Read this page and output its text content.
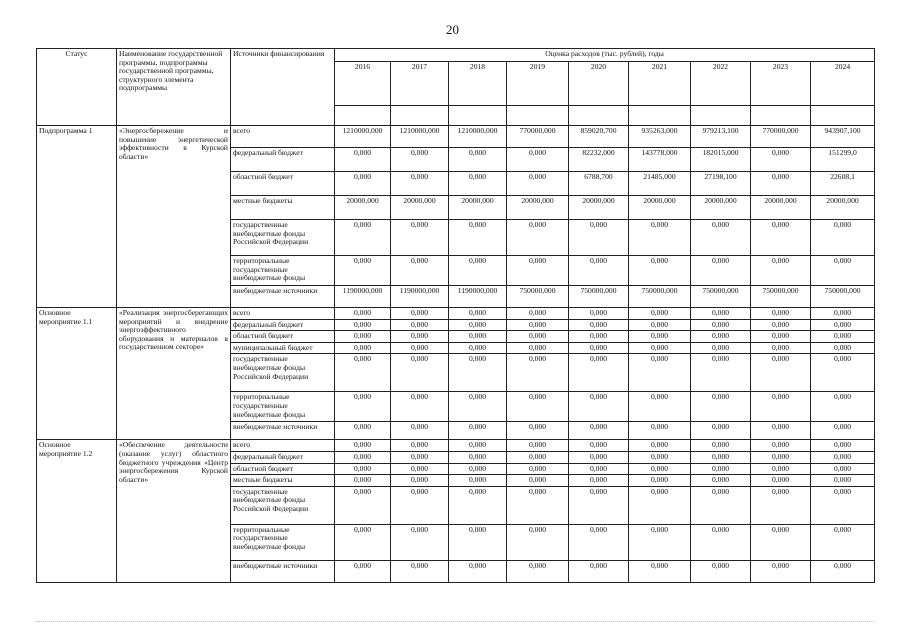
20
Статус	Наименование государственной программы, подпрограммы государственной программы, структурного элемента подпрограммы	Источники финансирования	Оценка расходов (тыс. рублей), годы								
			2016	2017	2018	2019	2020	2021	2022	2023	2024

Подпрограмма 1	«Энергосбережение и повышение энергетической эффективности в Курской области»	всего	1210000,000	1210000,000	1210000,000	770000,000	859020,700	935263,000	979213,100	770000,000	943907,100
		федеральный бюджет	0,000	0,000	0,000	0,000	82232,000	143778,000	182015,000	0,000	151299,0
		областной бюджет	0,000	0,000	0,000	0,000	6788,700	21485,000	27198,100	0,000	22608,1
		местные бюджеты	20000,000	20000,000	20000,000	20000,000	20000,000	20000,000	20000,000	20000,000	20000,000
		государственные внебюджетные фонды Российской Федерации	0,000	0,000	0,000	0,000	0,000	0,000	0,000	0,000	0,000
		территориальные государственные внебюджетные фонды	0,000	0,000	0,000	0,000	0,000	0,000	0,000	0,000	0,000
		внебюджетные источники	1190000,000	1190000,000	1190000,000	750000,000	750000,000	750000,000	750000,000	750000,000	750000,000
Основное мероприятие 1.1	«Реализация энергосберегающих мероприятий и внедрение энергоэффективного оборудования и материалов в государственном секторе»	всего	0,000	0,000	0,000	0,000	0,000	0,000	0,000	0,000	0,000
		федеральный бюджет	0,000	0,000	0,000	0,000	0,000	0,000	0,000	0,000	0,000
		областной бюджет	0,000	0,000	0,000	0,000	0,000	0,000	0,000	0,000	0,000
		муниципальный бюджет	0,000	0,000	0,000	0,000	0,000	0,000	0,000	0,000	0,000
		государственные внебюджетные фонды Российской Федерации	0,000	0,000	0,000	0,000	0,000	0,000	0,000	0,000	0,000
		территориальные государственные внебюджетные фонды	0,000	0,000	0,000	0,000	0,000	0,000	0,000	0,000	0,000
		внебюджетные источники	0,000	0,000	0,000	0,000	0,000	0,000	0,000	0,000	0,000
Основное мероприятие 1.2	«Обеспечение деятельности (оказание услуг) областного бюджетного учреждения «Центр энергосбережения Курской области»	всего	0,000	0,000	0,000	0,000	0,000	0,000	0,000	0,000	0,000
		федеральный бюджет	0,000	0,000	0,000	0,000	0,000	0,000	0,000	0,000	0,000
		областной бюджет	0,000	0,000	0,000	0,000	0,000	0,000	0,000	0,000	0,000
		местные бюджеты	0,000	0,000	0,000	0,000	0,000	0,000	0,000	0,000	0,000
		государственные внебюджетные фонды Российской Федерации	0,000	0,000	0,000	0,000	0,000	0,000	0,000	0,000	0,000
		территориальные государственные внебюджетные фонды	0,000	0,000	0,000	0,000	0,000	0,000	0,000	0,000	0,000
		внебюджетные источники	0,000	0,000	0,000	0,000	0,000	0,000	0,000	0,000	0,000
